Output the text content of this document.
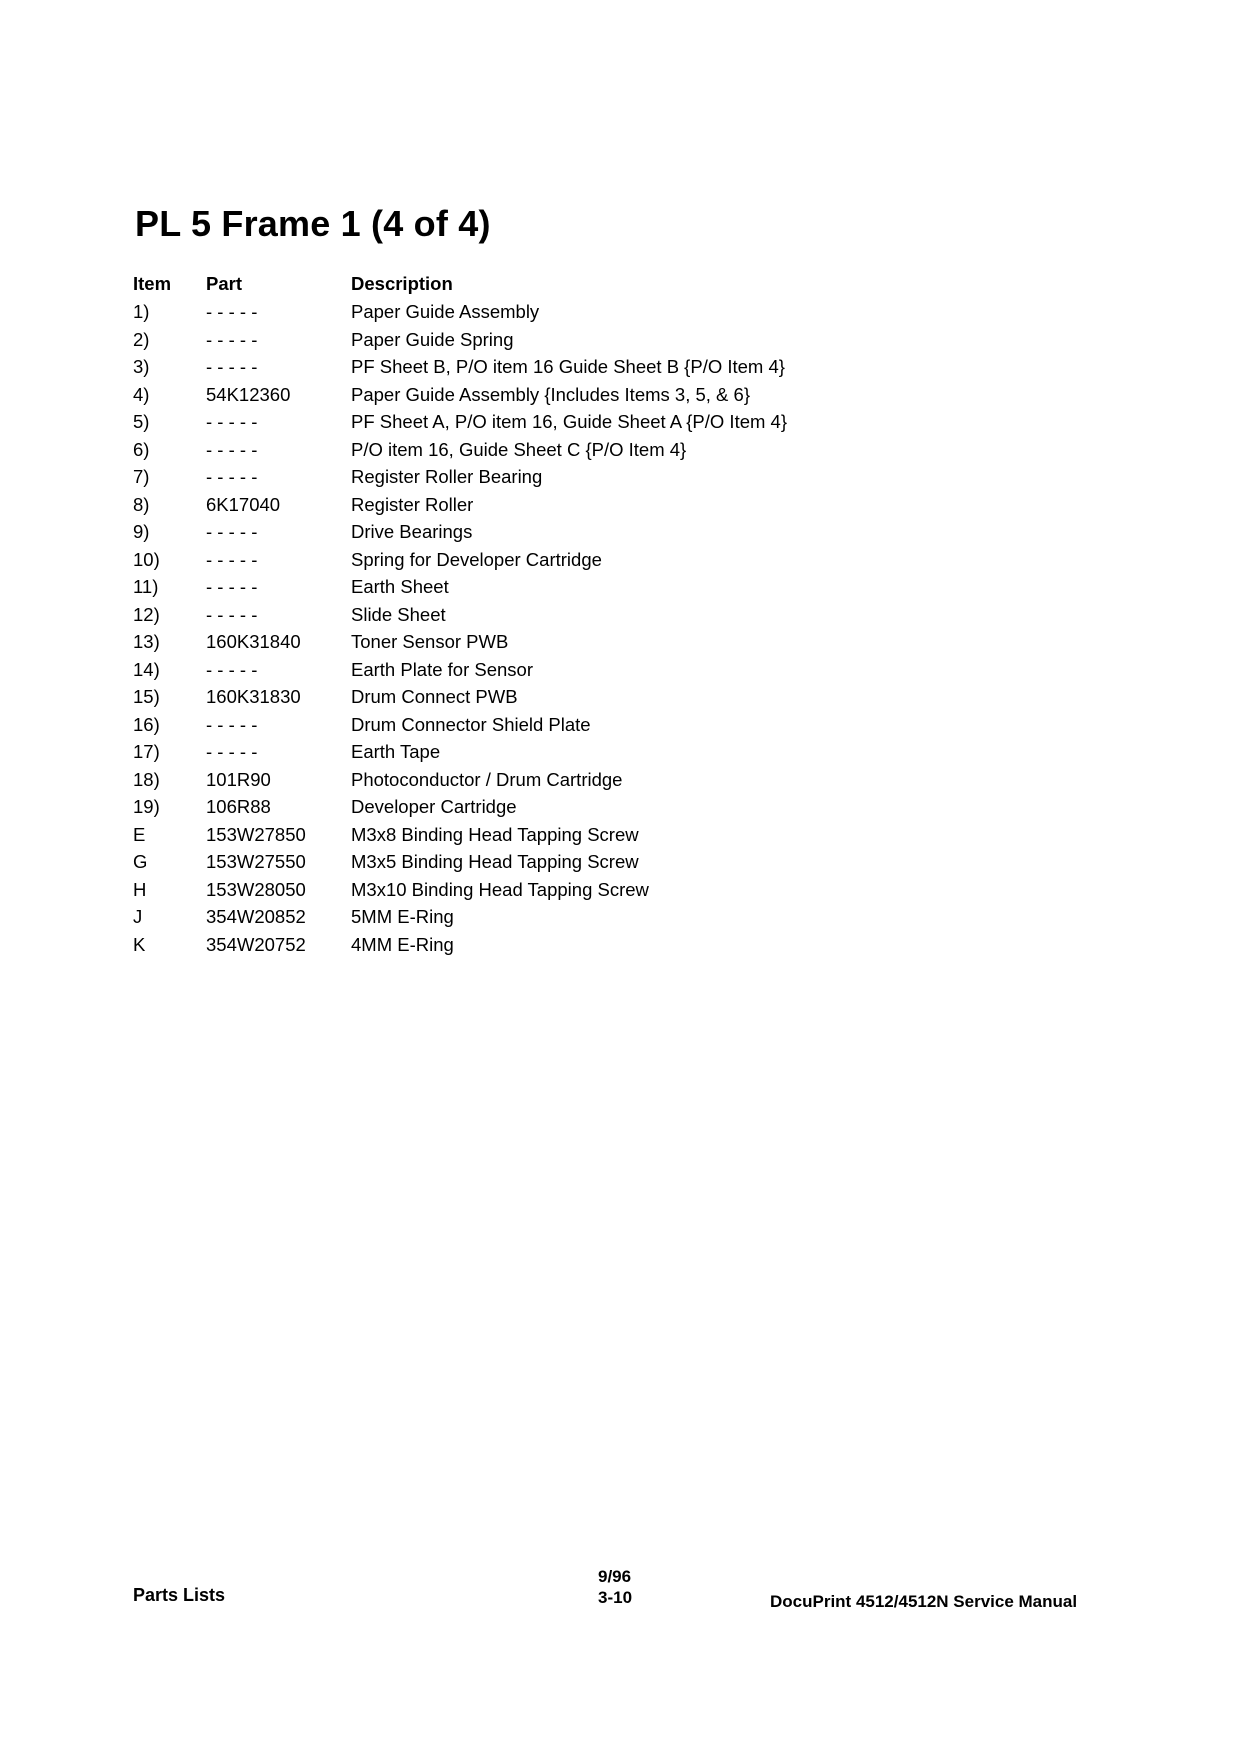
PL 5 Frame 1 (4 of 4)
Item	Part	Description
1)	- - - - -	Paper Guide Assembly
2)	- - - - -	Paper Guide Spring
3)	- - - - -	PF Sheet B, P/O item 16 Guide Sheet B {P/O Item 4}
4)	54K12360	Paper Guide Assembly {Includes Items 3, 5, & 6}
5)	- - - - -	PF Sheet A, P/O item 16, Guide Sheet A {P/O Item 4}
6)	- - - - -	P/O item 16, Guide Sheet C {P/O Item 4}
7)	- - - - -	Register Roller Bearing
8)	6K17040	Register Roller
9)	- - - - -	Drive Bearings
10)	- - - - -	Spring for Developer Cartridge
11)	- - - - -	Earth Sheet
12)	- - - - -	Slide Sheet
13)	160K31840	Toner Sensor PWB
14)	- - - - -	Earth Plate for Sensor
15)	160K31830	Drum Connect PWB
16)	- - - - -	Drum Connector Shield Plate
17)	- - - - -	Earth Tape
18)	101R90	Photoconductor / Drum Cartridge
19)	106R88	Developer Cartridge
E	153W27850	M3x8 Binding Head Tapping Screw
G	153W27550	M3x5 Binding Head Tapping Screw
H	153W28050	M3x10 Binding Head Tapping Screw
J	354W20852	5MM E-Ring
K	354W20752	4MM E-Ring
Parts Lists
9/96
3-10	DocuPrint 4512/4512N Service Manual
